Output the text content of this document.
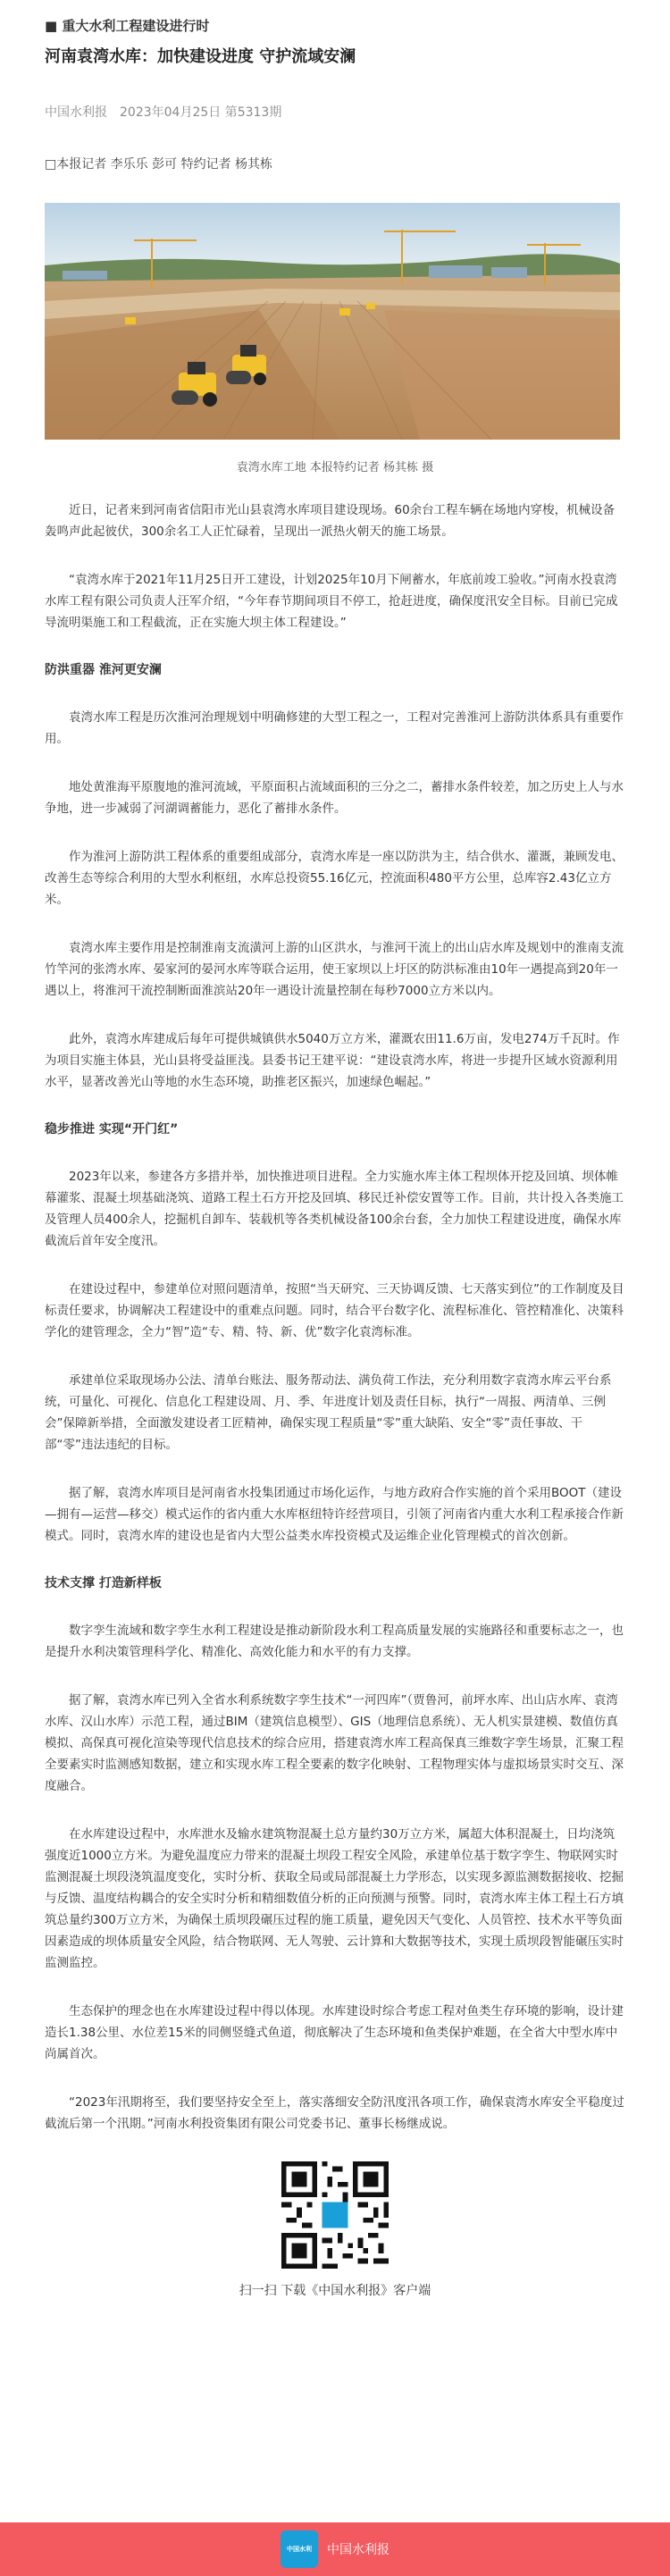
■ 重大水利工程建设进行时

河南袁湾水库：加快建设进度 守护流域安澜

中国水利报　2023年04月25日 第5313期

□本报记者 李乐乐 彭可 特约记者 杨其栋

袁湾水库工地 本报特约记者 杨其栋 摄

近日，记者来到河南省信阳市光山县袁湾水库项目建设现场。60余台工程车辆在场地内穿梭，机械设备轰鸣声此起彼伏，300余名工人正忙碌着，呈现出一派热火朝天的施工场景。

“袁湾水库于2021年11月25日开工建设，计划2025年10月下闸蓄水，年底前竣工验收。”河南水投袁湾水库工程有限公司负责人汪军介绍，“今年春节期间项目不停工，抢赶进度，确保度汛安全目标。目前已完成导流明渠施工和工程截流，正在实施大坝主体工程建设。”

防洪重器 淮河更安澜

袁湾水库工程是历次淮河治理规划中明确修建的大型工程之一，工程对完善淮河上游防洪体系具有重要作用。

地处黄淮海平原腹地的淮河流域，平原面积占流域面积的三分之二，蓄排水条件较差，加之历史上人与水争地，进一步减弱了河湖调蓄能力，恶化了蓄排水条件。

作为淮河上游防洪工程体系的重要组成部分，袁湾水库是一座以防洪为主，结合供水、灌溉，兼顾发电、改善生态等综合利用的大型水利枢纽，水库总投资55.16亿元，控流面积480平方公里，总库容2.43亿立方米。

袁湾水库主要作用是控制淮南支流潢河上游的山区洪水，与淮河干流上的出山店水库及规划中的淮南支流竹竿河的张湾水库、晏家河的晏河水库等联合运用，使王家坝以上圩区的防洪标准由10年一遇提高到20年一遇以上，将淮河干流控制断面淮滨站20年一遇设计流量控制在每秒7000立方米以内。

此外，袁湾水库建成后每年可提供城镇供水5040万立方米，灌溉农田11.6万亩，发电274万千瓦时。作为项目实施主体县，光山县将受益匪浅。县委书记王建平说：“建设袁湾水库，将进一步提升区域水资源利用水平，显著改善光山等地的水生态环境，助推老区振兴，加速绿色崛起。”

稳步推进 实现“开门红”

2023年以来，参建各方多措并举，加快推进项目进程。全力实施水库主体工程坝体开挖及回填、坝体帷幕灌浆、混凝土坝基础浇筑、道路工程土石方开挖及回填、移民迁补偿安置等工作。目前，共计投入各类施工及管理人员400余人，挖掘机自卸车、装载机等各类机械设备100余台套，全力加快工程建设进度，确保水库截流后首年安全度汛。

在建设过程中，参建单位对照问题清单，按照“当天研究、三天协调反馈、七天落实到位”的工作制度及目标责任要求，协调解决工程建设中的重难点问题。同时，结合平台数字化、流程标准化、管控精准化、决策科学化的建管理念，全力“智”造“专、精、特、新、优”数字化袁湾标准。

承建单位采取现场办公法、清单台账法、服务帮动法、满负荷工作法，充分利用数字袁湾水库云平台系统，可量化、可视化、信息化工程建设周、月、季、年进度计划及责任目标，执行“一周报、两清单、三例会”保障新举措，全面激发建设者工匠精神，确保实现工程质量“零”重大缺陷、安全“零”责任事故、干部“零”违法违纪的目标。

据了解，袁湾水库项目是河南省水投集团通过市场化运作，与地方政府合作实施的首个采用BOOT（建设—拥有—运营—移交）模式运作的省内重大水库枢纽特许经营项目，引领了河南省内重大水利工程承接合作新模式。同时，袁湾水库的建设也是省内大型公益类水库投资模式及运维企业化管理模式的首次创新。

技术支撑 打造新样板

数字孪生流域和数字孪生水利工程建设是推动新阶段水利工程高质量发展的实施路径和重要标志之一，也是提升水利决策管理科学化、精准化、高效化能力和水平的有力支撑。

据了解，袁湾水库已列入全省水利系统数字孪生技术“一河四库”（贾鲁河，前坪水库、出山店水库、袁湾水库、汉山水库）示范工程，通过BIM（建筑信息模型）、GIS（地理信息系统）、无人机实景建模、数值仿真模拟、高保真可视化渲染等现代信息技术的综合应用，搭建袁湾水库工程高保真三维数字孪生场景，汇聚工程全要素实时监测感知数据，建立和实现水库工程全要素的数字化映射、工程物理实体与虚拟场景实时交互、深度融合。

在水库建设过程中，水库泄水及输水建筑物混凝土总方量约30万立方米，属超大体积混凝土，日均浇筑强度近1000立方米。为避免温度应力带来的混凝土坝段工程安全风险，承建单位基于数字孪生、物联网实时监测混凝土坝段浇筑温度变化，实时分析、获取全局或局部混凝土力学形态，以实现多源监测数据接收、挖掘与反馈、温度结构耦合的安全实时分析和精细数值分析的正向预测与预警。同时，袁湾水库主体工程土石方填筑总量约300万立方米，为确保土质坝段碾压过程的施工质量，避免因天气变化、人员管控、技术水平等负面因素造成的坝体质量安全风险，结合物联网、无人驾驶、云计算和大数据等技术，实现土质坝段智能碾压实时监测监控。

生态保护的理念也在水库建设过程中得以体现。水库建设时综合考虑工程对鱼类生存环境的影响，设计建造长1.38公里、水位差15米的同侧竖缝式鱼道，彻底解决了生态环境和鱼类保护难题，在全省大中型水库中尚属首次。

“2023年汛期将至，我们要坚持安全至上，落实落细安全防汛度汛各项工作，确保袁湾水库安全平稳度过截流后第一个汛期。”河南水利投资集团有限公司党委书记、董事长杨继成说。

扫一扫 下载《中国水利报》客户端

中国水利 中国水利报
